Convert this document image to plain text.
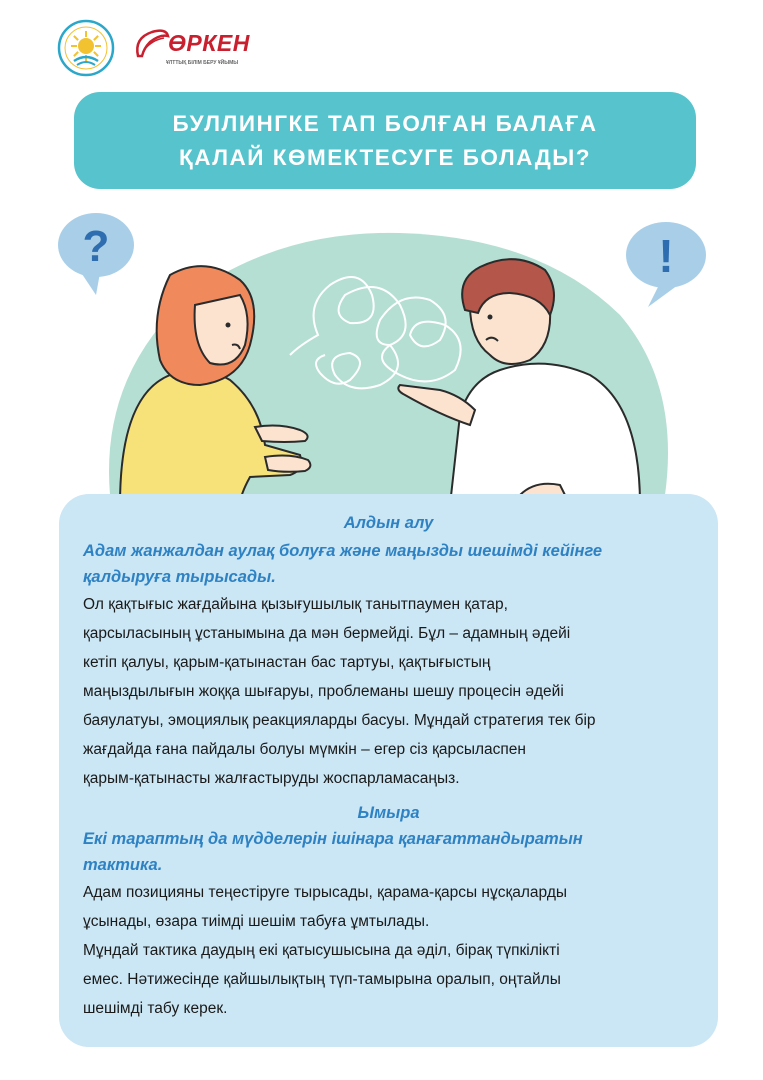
ӨРКЕН
ҰЛТТЫҚ БІЛІМ БЕРУ ҰЙЫМЫ
БУЛЛИНГКЕ ТАП БОЛҒАН БАЛАҒА
ҚАЛАЙ КӨМЕКТЕСУГЕ БОЛАДЫ?
?	!
Алдын алу
Адам жанжалдан аулақ болуға және маңызды шешімді кейінге
қалдыруға тырысады.
Ол қақтығыс жағдайына қызығушылық танытпаумен қатар,
қарсыласының ұстанымына да мән бермейді. Бұл – адамның әдейі
кетіп қалуы, қарым-қатынастан бас тартуы, қақтығыстың
маңыздылығын жоққа шығаруы, проблеманы шешу процесін әдейі
баяулатуы, эмоциялық реакцияларды басуы. Мұндай стратегия тек бір
жағдайда ғана пайдалы болуы мүмкін – егер сіз қарсыласпен
қарым-қатынасты жалғастыруды жоспарламасаңыз.
Ымыра
Екі тараптың да мүдделерін ішінара қанағаттандыратын
тактика.
Адам позицияны теңестіруге тырысады, қарама-қарсы нұсқаларды
ұсынады, өзара тиімді шешім табуға ұмтылады.
Мұндай тактика даудың екі қатысушысына да әділ, бірақ түпкілікті
емес. Нәтижесінде қайшылықтың түп-тамырына оралып, оңтайлы
шешімді табу керек.
